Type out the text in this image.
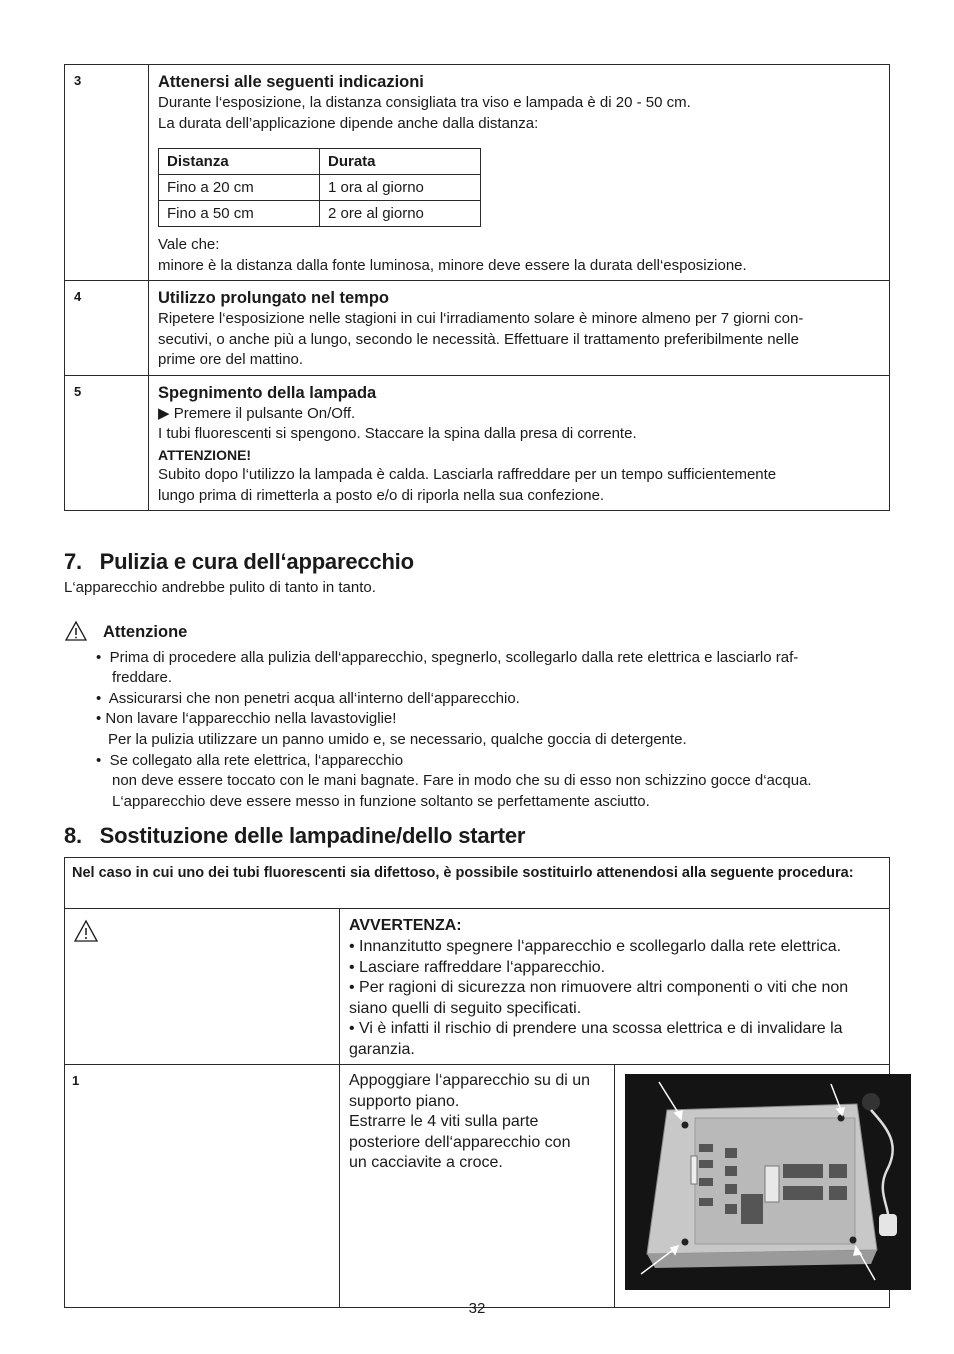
3	Attenersi alle seguenti indicazioni
Durante l‘esposizione, la distanza consigliata tra viso e lampada è di 20 - 50 cm.
La durata dell’applicazione dipende anche dalla distanza:
Distanza	Durata
Fino a 20 cm	1 ora al giorno
Fino a 50 cm	2 ore al giorno
Vale che:
minore è la distanza dalla fonte luminosa, minore deve essere la durata dell‘esposizione.

4	Utilizzo prolungato nel tempo
Ripetere l‘esposizione nelle stagioni in cui l‘irradiamento solare è minore almeno per 7 giorni con-
secutivi, o anche più a lungo, secondo le necessità. Effettuare il trattamento preferibilmente nelle
prime ore del mattino.

5	Spegnimento della lampada
▶ Premere il pulsante On/Off.
I tubi fluorescenti si spengono. Staccare la spina dalla presa di corrente.
ATTENZIONE!
Subito dopo l‘utilizzo la lampada è calda. Lasciarla raffreddare per un tempo sufficientemente
lungo prima di rimetterla a posto e/o di riporla nella sua confezione.
7.   Pulizia e cura dell‘apparecchio
L‘apparecchio andrebbe pulito di tanto in tanto.
Attenzione
•  Prima di procedere alla pulizia dell‘apparecchio, spegnerlo, scollegarlo dalla rete elettrica e lasciarlo raf-
freddare.
•  Assicurarsi che non penetri acqua all‘interno dell‘apparecchio.
• Non lavare l‘apparecchio nella lavastoviglie!
Per la pulizia utilizzare un panno umido e, se necessario, qualche goccia di detergente.
•  Se collegato alla rete elettrica, l‘apparecchio
non deve essere toccato con le mani bagnate. Fare in modo che su di esso non schizzino gocce d‘acqua.
L‘apparecchio deve essere messo in funzione soltanto se perfettamente asciutto.
8.   Sostituzione delle lampadine/dello starter
Nel caso in cui uno dei tubi fluorescenti sia difettoso, è possibile sostituirlo attenendosi alla seguente procedura:		

AVVERTENZA:
• Innanzitutto spegnere l‘apparecchio e scollegarlo dalla rete elettrica.
• Lasciare raffreddare l‘apparecchio.
• Per ragioni di sicurezza non rimuovere altri componenti o viti che non siano quelli di seguito specificati.
• Vi è infatti il rischio di prendere una scossa elettrica e di invalidare la garanzia.	

1	Appoggiare l‘apparecchio su di un supporto piano.
Estrarre le 4 viti sulla parte posteriore dell‘apparecchio con
un cacciavite a croce.

32
